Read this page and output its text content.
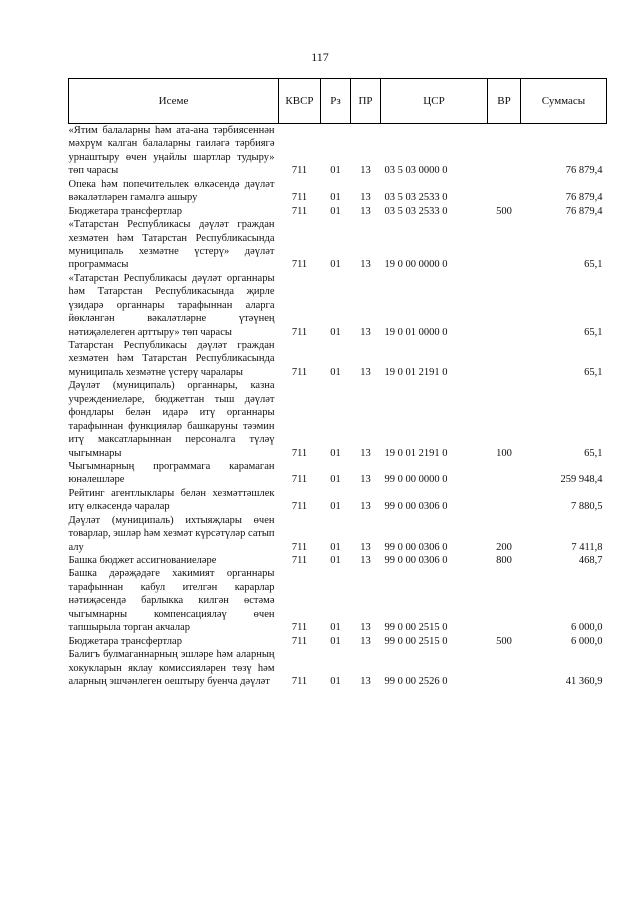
117
Исеме	КВСР	Рз	ПР	ЦСР	ВР	Суммасы
«Ятим балаларны һәм ата-ана тәрбиясеннән мәхрүм калган балаларны гаиләгә тәрбиягә урнаштыру өчен уңайлы шартлар тудыру» төп чарасы	711	01	13	03 5 03 0000 0		76 879,4
Опека һәм попечительлек өлкәсендә дәүләт вәкаләтләрен гамәлгә ашыру	711	01	13	03 5 03 2533 0		76 879,4
Бюджетара трансфертлар	711	01	13	03 5 03 2533 0	500	76 879,4
«Татарстан Республикасы дәүләт граждан хезмәтен һәм Татарстан Республикасында муниципаль хезмәтне үстерү» дәүләт программасы	711	01	13	19 0 00 0000 0		65,1
«Татарстан Республикасы дәүләт органнары һәм Татарстан Республикасында җирле үзидарә органнары тарафыннан аларга йөкләнгән вәкаләтләрне үтәүнең нәтиҗәлелеген арттыру» төп чарасы	711	01	13	19 0 01 0000 0		65,1
Татарстан Республикасы дәүләт граждан хезмәтен һәм Татарстан Республикасында муниципаль хезмәтне үстерү чаралары	711	01	13	19 0 01 2191 0		65,1
Дәүләт (муниципаль) органнары, казна учреждениеләре, бюджеттан тыш дәүләт фондлары белән идарә итү органнары тарафыннан функцияләр башкаруны тәэмин итү максатларыннан персоналга түләү чыгымнары	711	01	13	19 0 01 2191 0	100	65,1
Чыгымнарның программага карамаган юнәлешләре	711	01	13	99 0 00 0000 0		259 948,4
Рейтинг агентлыклары белән хезмәттәшлек итү өлкәсендә чаралар	711	01	13	99 0 00 0306 0		7 880,5
Дәүләт (муниципаль) ихтыяҗлары өчен товарлар, эшләр һәм хезмәт күрсәтүләр сатып алу	711	01	13	99 0 00 0306 0	200	7 411,8
Башка бюджет ассигнованиеләре	711	01	13	99 0 00 0306 0	800	468,7
Башка дәрәҗәдәге хакимият органнары тарафыннан кабул ителгән карарлар нәтиҗәсендә барлыкка килгән өстәмә чыгымнарны компенсацияләү өчен тапшырыла торган акчалар	711	01	13	99 0 00 2515 0		6 000,0
Бюджетара трансфертлар	711	01	13	99 0 00 2515 0	500	6 000,0
Балигъ булмаганнарның эшләре һәм аларның хокукларын яклау комиссияләрен төзү һәм аларның эшчәнлеген оештыру буенча дәүләт	711	01	13	99 0 00 2526 0		41 360,9
